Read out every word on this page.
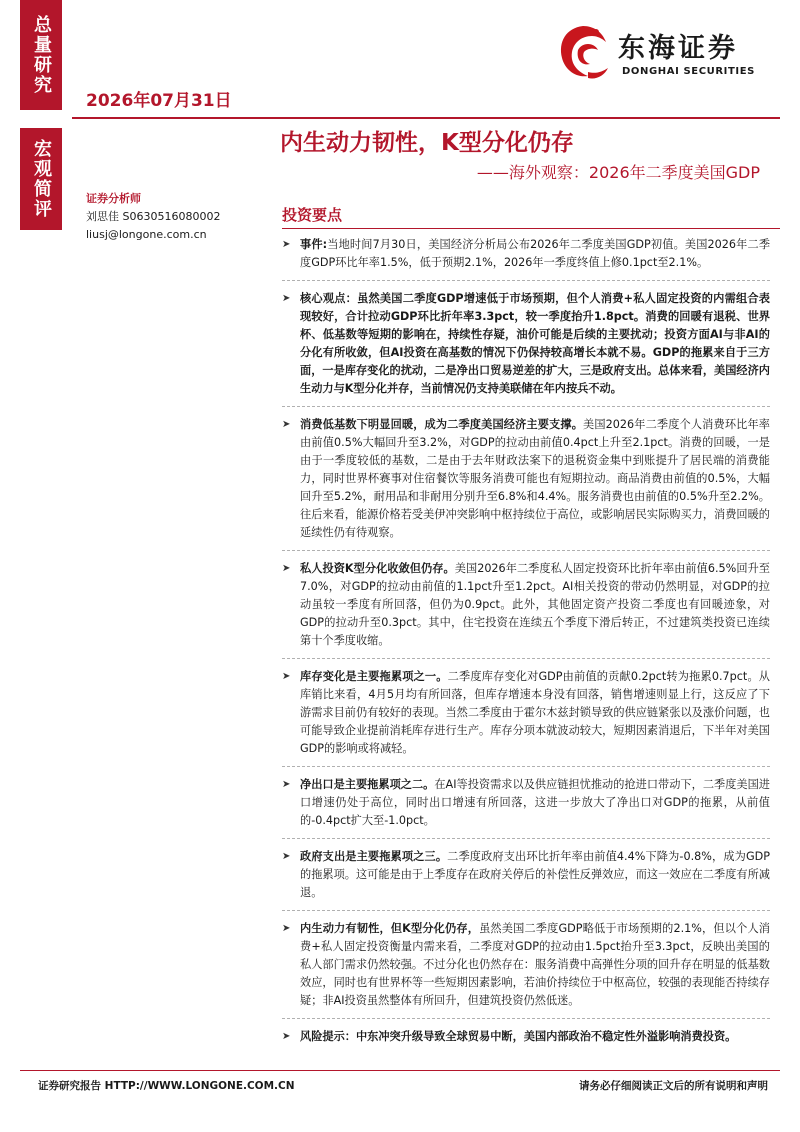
总量研究
宏观简评
2026年07月31日
东海证券
DONGHAI SECURITIES
内生动力韧性，K型分化仍存
——海外观察：2026年二季度美国GDP
证券分析师
刘思佳 S0630516080002
liusj@longone.com.cn
投资要点
➤ 事件:当地时间7月30日，美国经济分析局公布2026年二季度美国GDP初值。美国2026年二季度GDP环比年率1.5%，低于预期2.1%，2026年一季度终值上修0.1pct至2.1%。
➤ 核心观点：虽然美国二季度GDP增速低于市场预期，但个人消费+私人固定投资的内需组合表现较好，合计拉动GDP环比折年率3.3pct，较一季度抬升1.8pct。消费的回暖有退税、世界杯、低基数等短期的影响在，持续性存疑，油价可能是后续的主要扰动；投资方面AI与非AI的分化有所收敛，但AI投资在高基数的情况下仍保持较高增长本就不易。GDP的拖累来自于三方面，一是库存变化的扰动，二是净出口贸易逆差的扩大，三是政府支出。总体来看，美国经济内生动力与K型分化并存，当前情况仍支持美联储在年内按兵不动。
➤ 消费低基数下明显回暖，成为二季度美国经济主要支撑。美国2026年二季度个人消费环比年率由前值0.5%大幅回升至3.2%，对GDP的拉动由前值0.4pct上升至2.1pct。消费的回暖，一是由于一季度较低的基数，二是由于去年财政法案下的退税资金集中到账提升了居民端的消费能力，同时世界杯赛事对住宿餐饮等服务消费可能也有短期拉动。商品消费由前值的0.5%，大幅回升至5.2%，耐用品和非耐用分别升至6.8%和4.4%。服务消费也由前值的0.5%升至2.2%。往后来看，能源价格若受美伊冲突影响中枢持续位于高位，或影响居民实际购买力，消费回暖的延续性仍有待观察。
➤ 私人投资K型分化收敛但仍存。美国2026年二季度私人固定投资环比折年率由前值6.5%回升至7.0%，对GDP的拉动由前值的1.1pct升至1.2pct。AI相关投资的带动仍然明显，对GDP的拉动虽较一季度有所回落，但仍为0.9pct。此外，其他固定资产投资二季度也有回暖迹象，对GDP的拉动升至0.3pct。其中，住宅投资在连续五个季度下滑后转正，不过建筑类投资已连续第十个季度收缩。
➤ 库存变化是主要拖累项之一。二季度库存变化对GDP由前值的贡献0.2pct转为拖累0.7pct。从库销比来看，4月5月均有所回落，但库存增速本身没有回落，销售增速则显上行，这反应了下游需求目前仍有较好的表现。当然二季度由于霍尔木兹封锁导致的供应链紧张以及涨价问题，也可能导致企业提前消耗库存进行生产。库存分项本就波动较大，短期因素消退后，下半年对美国GDP的影响或将减轻。
➤ 净出口是主要拖累项之二。在AI等投资需求以及供应链担忧推动的抢进口带动下，二季度美国进口增速仍处于高位，同时出口增速有所回落，这进一步放大了净出口对GDP的拖累，从前值的-0.4pct扩大至-1.0pct。
➤ 政府支出是主要拖累项之三。二季度政府支出环比折年率由前值4.4%下降为-0.8%，成为GDP的拖累项。这可能是由于上季度存在政府关停后的补偿性反弹效应，而这一效应在二季度有所减退。
➤ 内生动力有韧性，但K型分化仍存，虽然美国二季度GDP略低于市场预期的2.1%，但以个人消费+私人固定投资衡量内需来看，二季度对GDP的拉动由1.5pct抬升至3.3pct，反映出美国的私人部门需求仍然较强。不过分化也仍然存在：服务消费中高弹性分项的回升存在明显的低基数效应，同时也有世界杯等一些短期因素影响，若油价持续位于中枢高位，较强的表现能否持续存疑；非AI投资虽然整体有所回升，但建筑投资仍然低迷。
➤ 风险提示：中东冲突升级导致全球贸易中断，美国内部政治不稳定性外溢影响消费投资。
证券研究报告 HTTP://WWW.LONGONE.COM.CN	请务必仔细阅读正文后的所有说明和声明
